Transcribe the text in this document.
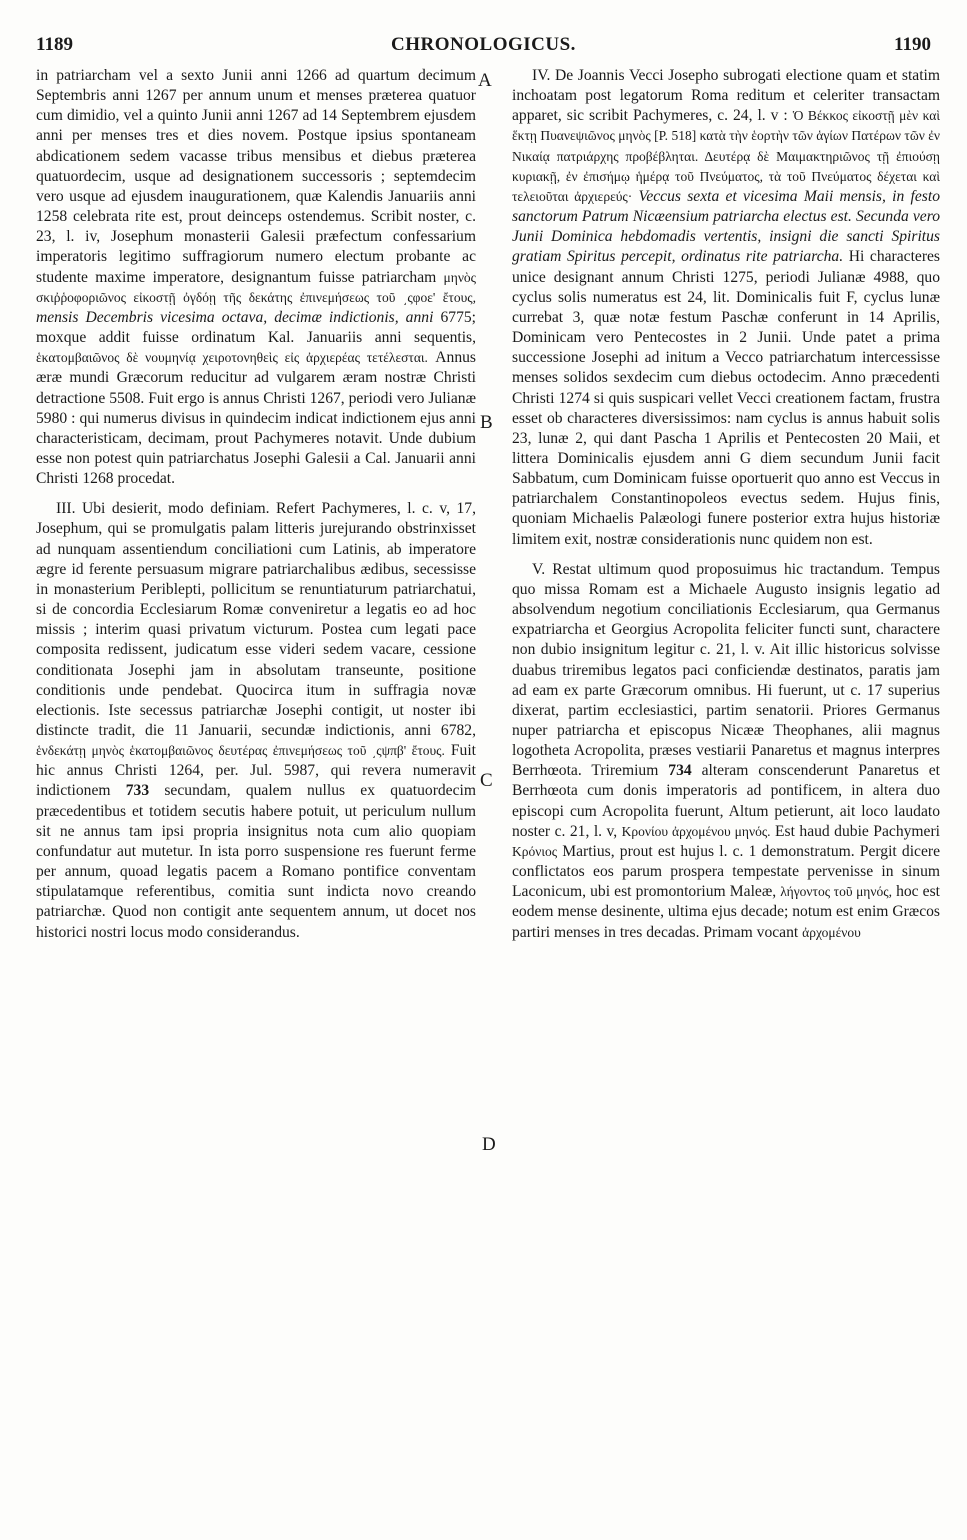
1189	CHRONOLOGICUS.	1190
A
B
C
D

in patriarcham vel a sexto Junii anni 1266 ad quartum decimum Septembris anni 1267 per annum unum et menses præterea quatuor cum dimidio, vel a quinto Junii anni 1267 ad 14 Septembrem ejusdem anni per menses tres et dies novem. Postque ipsius spontaneam abdicationem sedem vacasse tribus mensibus et diebus præterea quatuordecim, usque ad designationem successoris ; septemdecim vero usque ad ejusdem inaugurationem, quæ Kalendis Januariis anni 1258 celebrata rite est, prout deinceps ostendemus. Scribit noster, c. 23, l. iv, Josephum monasterii Galesii præfectum confessarium imperatoris legitimo suffragiorum numero electum probante ac studente maxime imperatore, designantum fuisse patriarcham μηνὸς σκιῤῥοφοριῶνος εἰκοστῇ ὀγδόῃ τῆς δεκάτης ἐπινεμήσεως τοῦ ͵ςφοε' ἔτους, mensis Decembris vicesima octava, decimæ indictionis, anni 6775; moxque addit fuisse ordinatum Kal. Januariis anni sequentis, ἑκατομβαιῶνος δὲ νουμηνίᾳ χειροτονηθεὶς εἰς ἀρχιερέας τετέλεσται. Annus æræ mundi Græcorum reducitur ad vulgarem æram nostræ Christi detractione 5508. Fuit ergo is annus Christi 1267, periodi vero Julianæ 5980 : qui numerus divisus in quindecim indicat indictionem ejus anni characteristicam, decimam, prout Pachymeres notavit. Unde dubium esse non potest quin patriarchatus Josephi Galesii a Cal. Januarii anni Christi 1268 procedat.

III. Ubi desierit, modo definiam. Refert Pachymeres, l. c. v, 17, Josephum, qui se promulgatis palam litteris jurejurando obstrinxisset ad nunquam assentiendum conciliationi cum Latinis, ab imperatore ægre id ferente persuasum migrare patriarchalibus ædibus, secessisse in monasterium Periblepti, pollicitum se renuntiaturum patriarchatui, si de concordia Ecclesiarum Romæ conveniretur a legatis eo ad hoc missis ; interim quasi privatum victurum. Postea cum legati pace composita redissent, judicatum esse videri sedem vacare, cessione conditionata Josephi jam in absolutam transeunte, positione conditionis unde pendebat. Quocirca itum in suffragia novæ electionis. Iste secessus patriarchæ Josephi contigit, ut noster ibi distincte tradit, die 11 Januarii, secundæ indictionis, anni 6782, ἑνδεκάτῃ μηνὸς ἑκατομβαιῶνος δευτέρας ἐπινεμήσεως τοῦ ͵ςψπβ' ἔτους. Fuit hic annus Christi 1264, per. Jul. 5987, qui revera numeravit indictionem 733 secundam, qualem nullus ex quatuordecim præcedentibus et totidem secutis habere potuit, ut periculum nullum sit ne annus tam ipsi propria insignitus nota cum alio quopiam confundatur aut mutetur. In ista porro suspensione res fuerunt ferme per annum, quoad legatis pacem a Romano pontifice conventam stipulatamque referentibus, comitia sunt indicta novo creando patriarchæ. Quod non contigit ante sequentem annum, ut docet nos historici nostri locus modo considerandus.

IV. De Joannis Vecci Josepho subrogati electione quam et statim inchoatam post legatorum Roma reditum et celeriter transactam apparet, sic scribit Pachymeres, c. 24, l. v : Ὁ Βέκκος εἰκοστῇ μὲν καὶ ἕκτῃ Πυανεψιῶνος μηνὸς [P. 518] κατὰ τὴν ἑορτὴν τῶν ἁγίων Πατέρων τῶν ἐν Νικαίᾳ πατριάρχης προβέβληται. Δευτέρᾳ δὲ Μαιμακτηριῶνος τῇ ἐπιούσῃ κυριακῇ, ἐν ἐπισήμῳ ἡμέρᾳ τοῦ Πνεύματος, τὰ τοῦ Πνεύματος δέχεται καὶ τελειοῦται ἀρχιερεύς· Veccus sexta et vicesima Maii mensis, in festo sanctorum Patrum Nicæensium patriarcha electus est. Secunda vero Junii Dominica hebdomadis vertentis, insigni die sancti Spiritus gratiam Spiritus percepit, ordinatus rite patriarcha. Hi characteres unice designant annum Christi 1275, periodi Julianæ 4988, quo cyclus solis numeratus est 24, lit. Dominicalis fuit F, cyclus lunæ currebat 3, quæ notæ festum Paschæ conferunt in 14 Aprilis, Dominicam vero Pentecostes in 2 Junii. Unde patet a prima successione Josephi ad initum a Vecco patriarchatum intercessisse menses solidos sexdecim cum diebus octodecim. Anno præcedenti Christi 1274 si quis suspicari vellet Vecci creationem factam, frustra esset ob characteres diversissimos: nam cyclus is annus habuit solis 23, lunæ 2, qui dant Pascha 1 Aprilis et Pentecosten 20 Maii, et littera Dominicalis ejusdem anni G diem secundum Junii facit Sabbatum, cum Dominicam fuisse oportuerit quo anno est Veccus in patriarchalem Constantinopoleos evectus sedem. Hujus finis, quoniam Michaelis Palæologi funere posterior extra hujus historiæ limitem exit, nostræ considerationis nunc quidem non est.

V. Restat ultimum quod proposuimus hic tractandum. Tempus quo missa Romam est a Michaele Augusto insignis legatio ad absolvendum negotium conciliationis Ecclesiarum, qua Germanus expatriarcha et Georgius Acropolita feliciter functi sunt, charactere non dubio insignitum legitur c. 21, l. v. Ait illic historicus solvisse duabus triremibus legatos paci conficiendæ destinatos, paratis jam ad eam ex parte Græcorum omnibus. Hi fuerunt, ut c. 17 superius dixerat, partim ecclesiastici, partim senatorii. Priores Germanus nuper patriarcha et episcopus Nicææ Theophanes, alii magnus logotheta Acropolita, præses vestiarii Panaretus et magnus interpres Berrhœota. Triremium 734 alteram conscenderunt Panaretus et Berrhœota cum donis imperatoris ad pontificem, in altera duo episcopi cum Acropolita fuerunt, Altum petierunt, ait loco laudato noster c. 21, l. v, Κρονίου ἀρχομένου μηνός. Est haud dubie Pachymeri Κρόνιος Martius, prout est hujus l. c. 1 demonstratum. Pergit dicere conflictatos eos parum prospera tempestate pervenisse in sinum Laconicum, ubi est promontorium Maleæ, λήγοντος τοῦ μηνός, hoc est eodem mense desinente, ultima ejus decade; notum est enim Græcos partiri menses in tres decadas. Primam vocant ἀρχομένου
